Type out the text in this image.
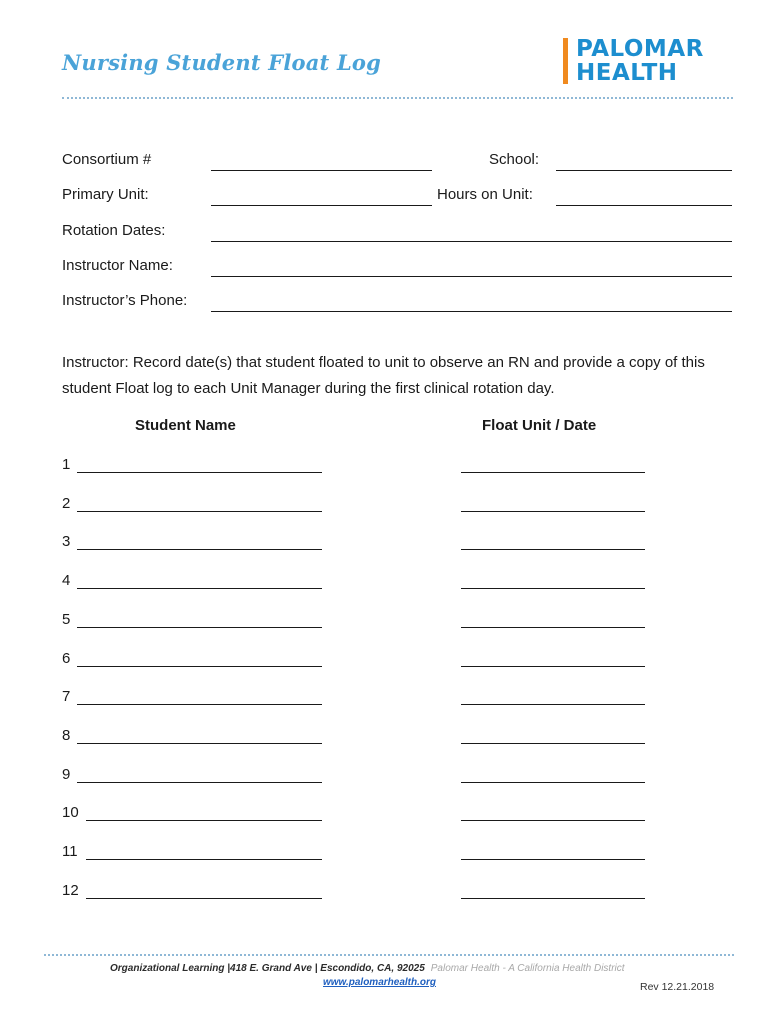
Nursing Student Float Log
PALOMAR
HEALTH
Consortium #	School:
Primary Unit:	Hours on Unit:
Rotation Dates:
Instructor Name:
Instructor’s Phone:
Instructor: Record date(s) that student floated to unit to observe an RN and provide a copy of this student Float log to each Unit Manager during the first clinical rotation day.
Student Name	Float Unit / Date
1
2
3
4
5
6
7
8
9
10
11
12
Organizational Learning |418 E. Grand Ave | Escondido, CA, 92025 Palomar Health - A California Health District
www.palomarhealth.org	Rev 12.21.2018
